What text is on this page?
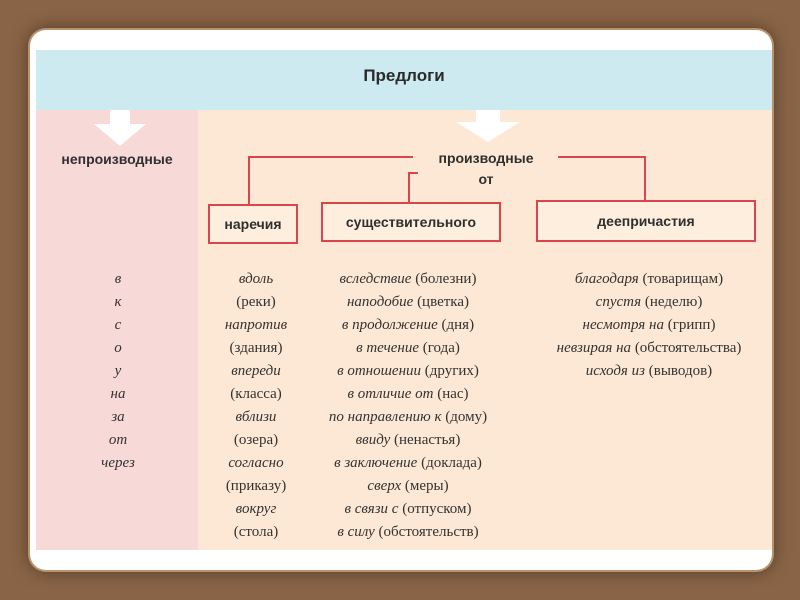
Предлоги
непроизводные	производные
от
наречия	существительного	деепричастия
в
к
с
о
у
на
за
от
через
вдоль
(реки)
напротив
(здания)
впереди
(класса)
вблизи
(озера)
согласно
(приказу)
вокруг
(стола)
вследствие (болезни)
наподобие (цветка)
в продолжение (дня)
в течение (года)
в отношении (других)
в отличие от (нас)
по направлению к (дому)
ввиду (ненастья)
в заключение (доклада)
сверх (меры)
в связи с (отпуском)
в силу (обстоятельств)
благодаря (товарищам)
спустя (неделю)
несмотря на (грипп)
невзирая на (обстоятельства)
исходя из (выводов)
